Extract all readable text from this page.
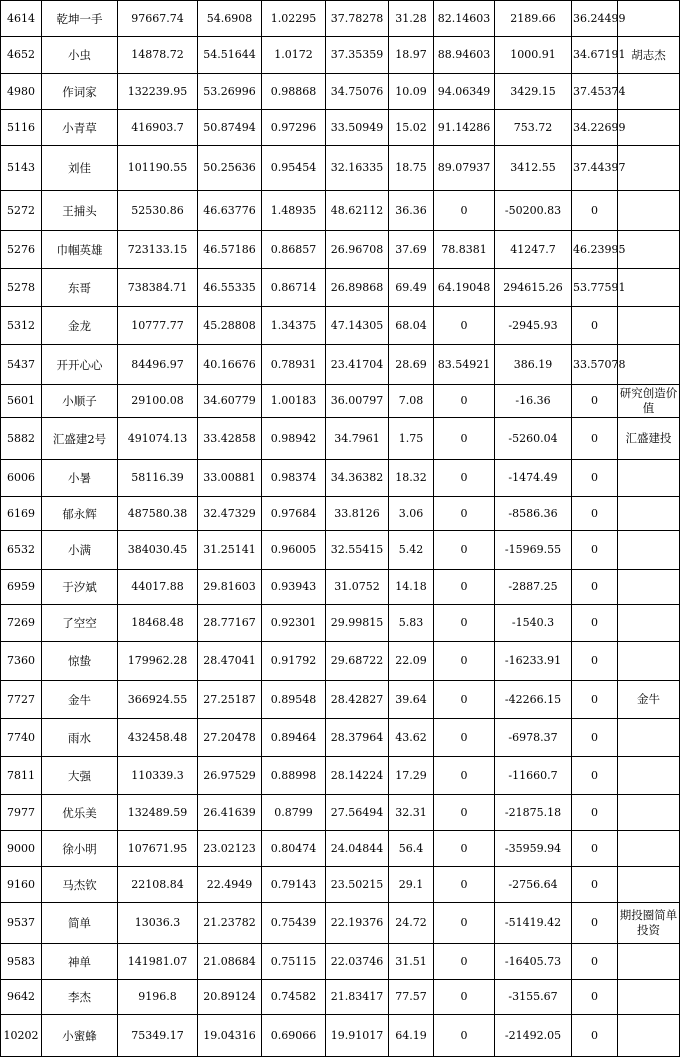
4614	乾坤一手	97667.74	54.6908	1.02295	37.78278	31.28	82.14603	2189.66	36.24499	
4652	小虫	14878.72	54.51644	1.0172	37.35359	18.97	88.94603	1000.91	34.67191	胡志杰
4980	作词家	132239.95	53.26996	0.98868	34.75076	10.09	94.06349	3429.15	37.45374	
5116	小青草	416903.7	50.87494	0.97296	33.50949	15.02	91.14286	753.72	34.22699	
5143	刘佳	101190.55	50.25636	0.95454	32.16335	18.75	89.07937	3412.55	37.44397	
5272	王捕头	52530.86	46.63776	1.48935	48.62112	36.36	0	-50200.83	0	
5276	巾帼英雄	723133.15	46.57186	0.86857	26.96708	37.69	78.8381	41247.7	46.23995	
5278	东哥	738384.71	46.55335	0.86714	26.89868	69.49	64.19048	294615.26	53.77591	
5312	金龙	10777.77	45.28808	1.34375	47.14305	68.04	0	-2945.93	0	
5437	开开心心	84496.97	40.16676	0.78931	23.41704	28.69	83.54921	386.19	33.57078	
5601	小顺子	29100.08	34.60779	1.00183	36.00797	7.08	0	-16.36	0	研究创造价值
5882	汇盛建2号	491074.13	33.42858	0.98942	34.7961	1.75	0	-5260.04	0	汇盛建投
6006	小暑	58116.39	33.00881	0.98374	34.36382	18.32	0	-1474.49	0	
6169	郁永辉	487580.38	32.47329	0.97684	33.8126	3.06	0	-8586.36	0	
6532	小满	384030.45	31.25141	0.96005	32.55415	5.42	0	-15969.55	0	
6959	于汐斌	44017.88	29.81603	0.93943	31.0752	14.18	0	-2887.25	0	
7269	了空空	18468.48	28.77167	0.92301	29.99815	5.83	0	-1540.3	0	
7360	惊蛰	179962.28	28.47041	0.91792	29.68722	22.09	0	-16233.91	0	
7727	金牛	366924.55	27.25187	0.89548	28.42827	39.64	0	-42266.15	0	金牛
7740	雨水	432458.48	27.20478	0.89464	28.37964	43.62	0	-6978.37	0	
7811	大强	110339.3	26.97529	0.88998	28.14224	17.29	0	-11660.7	0	
7977	优乐美	132489.59	26.41639	0.8799	27.56494	32.31	0	-21875.18	0	
9000	徐小明	107671.95	23.02123	0.80474	24.04844	56.4	0	-35959.94	0	
9160	马杰钦	22108.84	22.4949	0.79143	23.50215	29.1	0	-2756.64	0	
9537	简单	13036.3	21.23782	0.75439	22.19376	24.72	0	-51419.42	0	期投圈简单投资
9583	神单	141981.07	21.08684	0.75115	22.03746	31.51	0	-16405.73	0	
9642	李杰	9196.8	20.89124	0.74582	21.83417	77.57	0	-3155.67	0	
10202	小蜜蜂	75349.17	19.04316	0.69066	19.91017	64.19	0	-21492.05	0	
